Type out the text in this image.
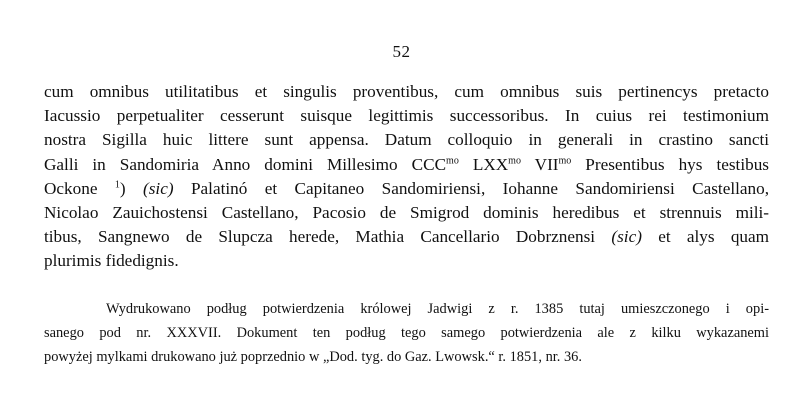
52
cum omnibus utilitatibus et singulis proventibus, cum omnibus suis pertinencys pretacto
Iacussio perpetualiter cesserunt suisque legittimis successoribus. In cuius rei testimonium
nostra Sigilla huic littere sunt appensa. Datum colloquio in generali in crastino sancti
Galli in Sandomiria Anno domini Millesimo $CCC^{mo}$ $LXX^{mo}$ $VII^{mo}$ Presentibus hys testibus
Ockone $^1$) (sic) Palatinó et Capitaneo Sandomiriensi, Iohanne Sandomiriensi Castellano,
Nicolao Zauichostensi Castellano, Pacosio de Smigrod dominis heredibus et strennuis mili-
tibus, Sangnewo de Slupcza herede, Mathia Cancellario Dobrznensi (sic) et alys quam
plurimis fidedignis.
Wydrukowano podług potwierdzenia królowej Jadwigi z r. 1385 tutaj umieszczonego i opi-
sanego pod nr. XXXVII. Dokument ten podług tego samego potwierdzenia ale z kilku wykazanemi
powyżej mylkami drukowano już poprzednio w „Dod. tyg. do Gaz. Lwowsk.“ r. 1851, nr. 36.
